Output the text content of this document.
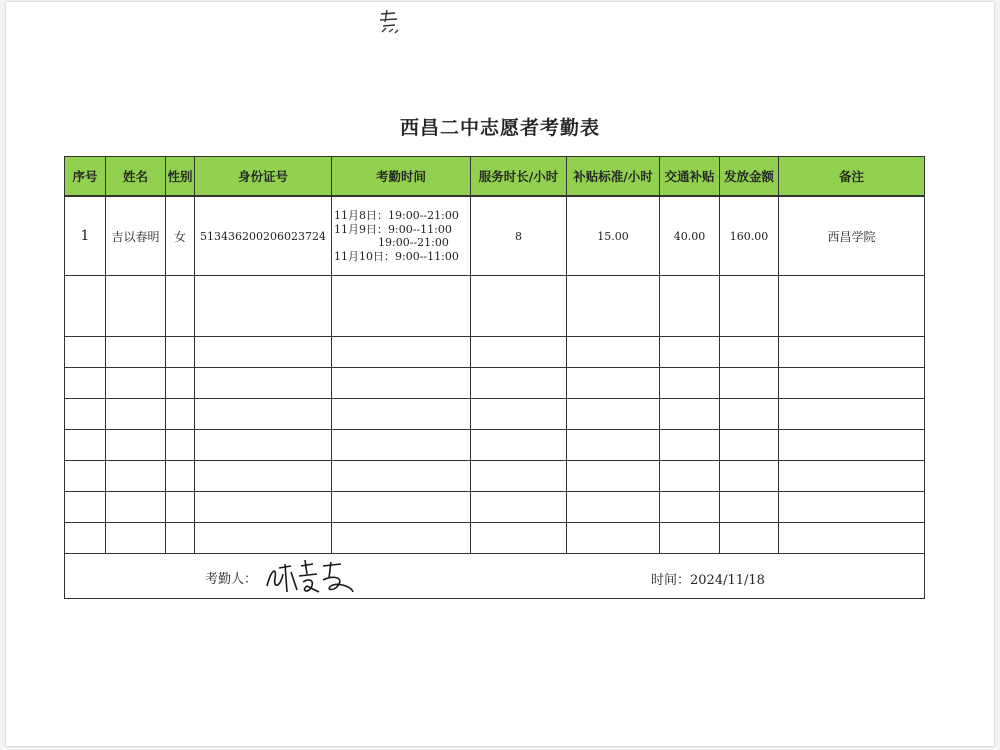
西昌二中志愿者考勤表
序号	姓名	性别	身份证号	考勤时间	服务时长/小时	补贴标准/小时	交通补贴	发放金额	备注
1	吉以春明	女	513436200206023724	11月8日：19:00--21:00
11月9日：9:00--11:00
19:00--21:00
11月10日：9:00--11:00	8	15.00	40.00	160.00	西昌学院

考勤人： 时间：2024/11/18									
